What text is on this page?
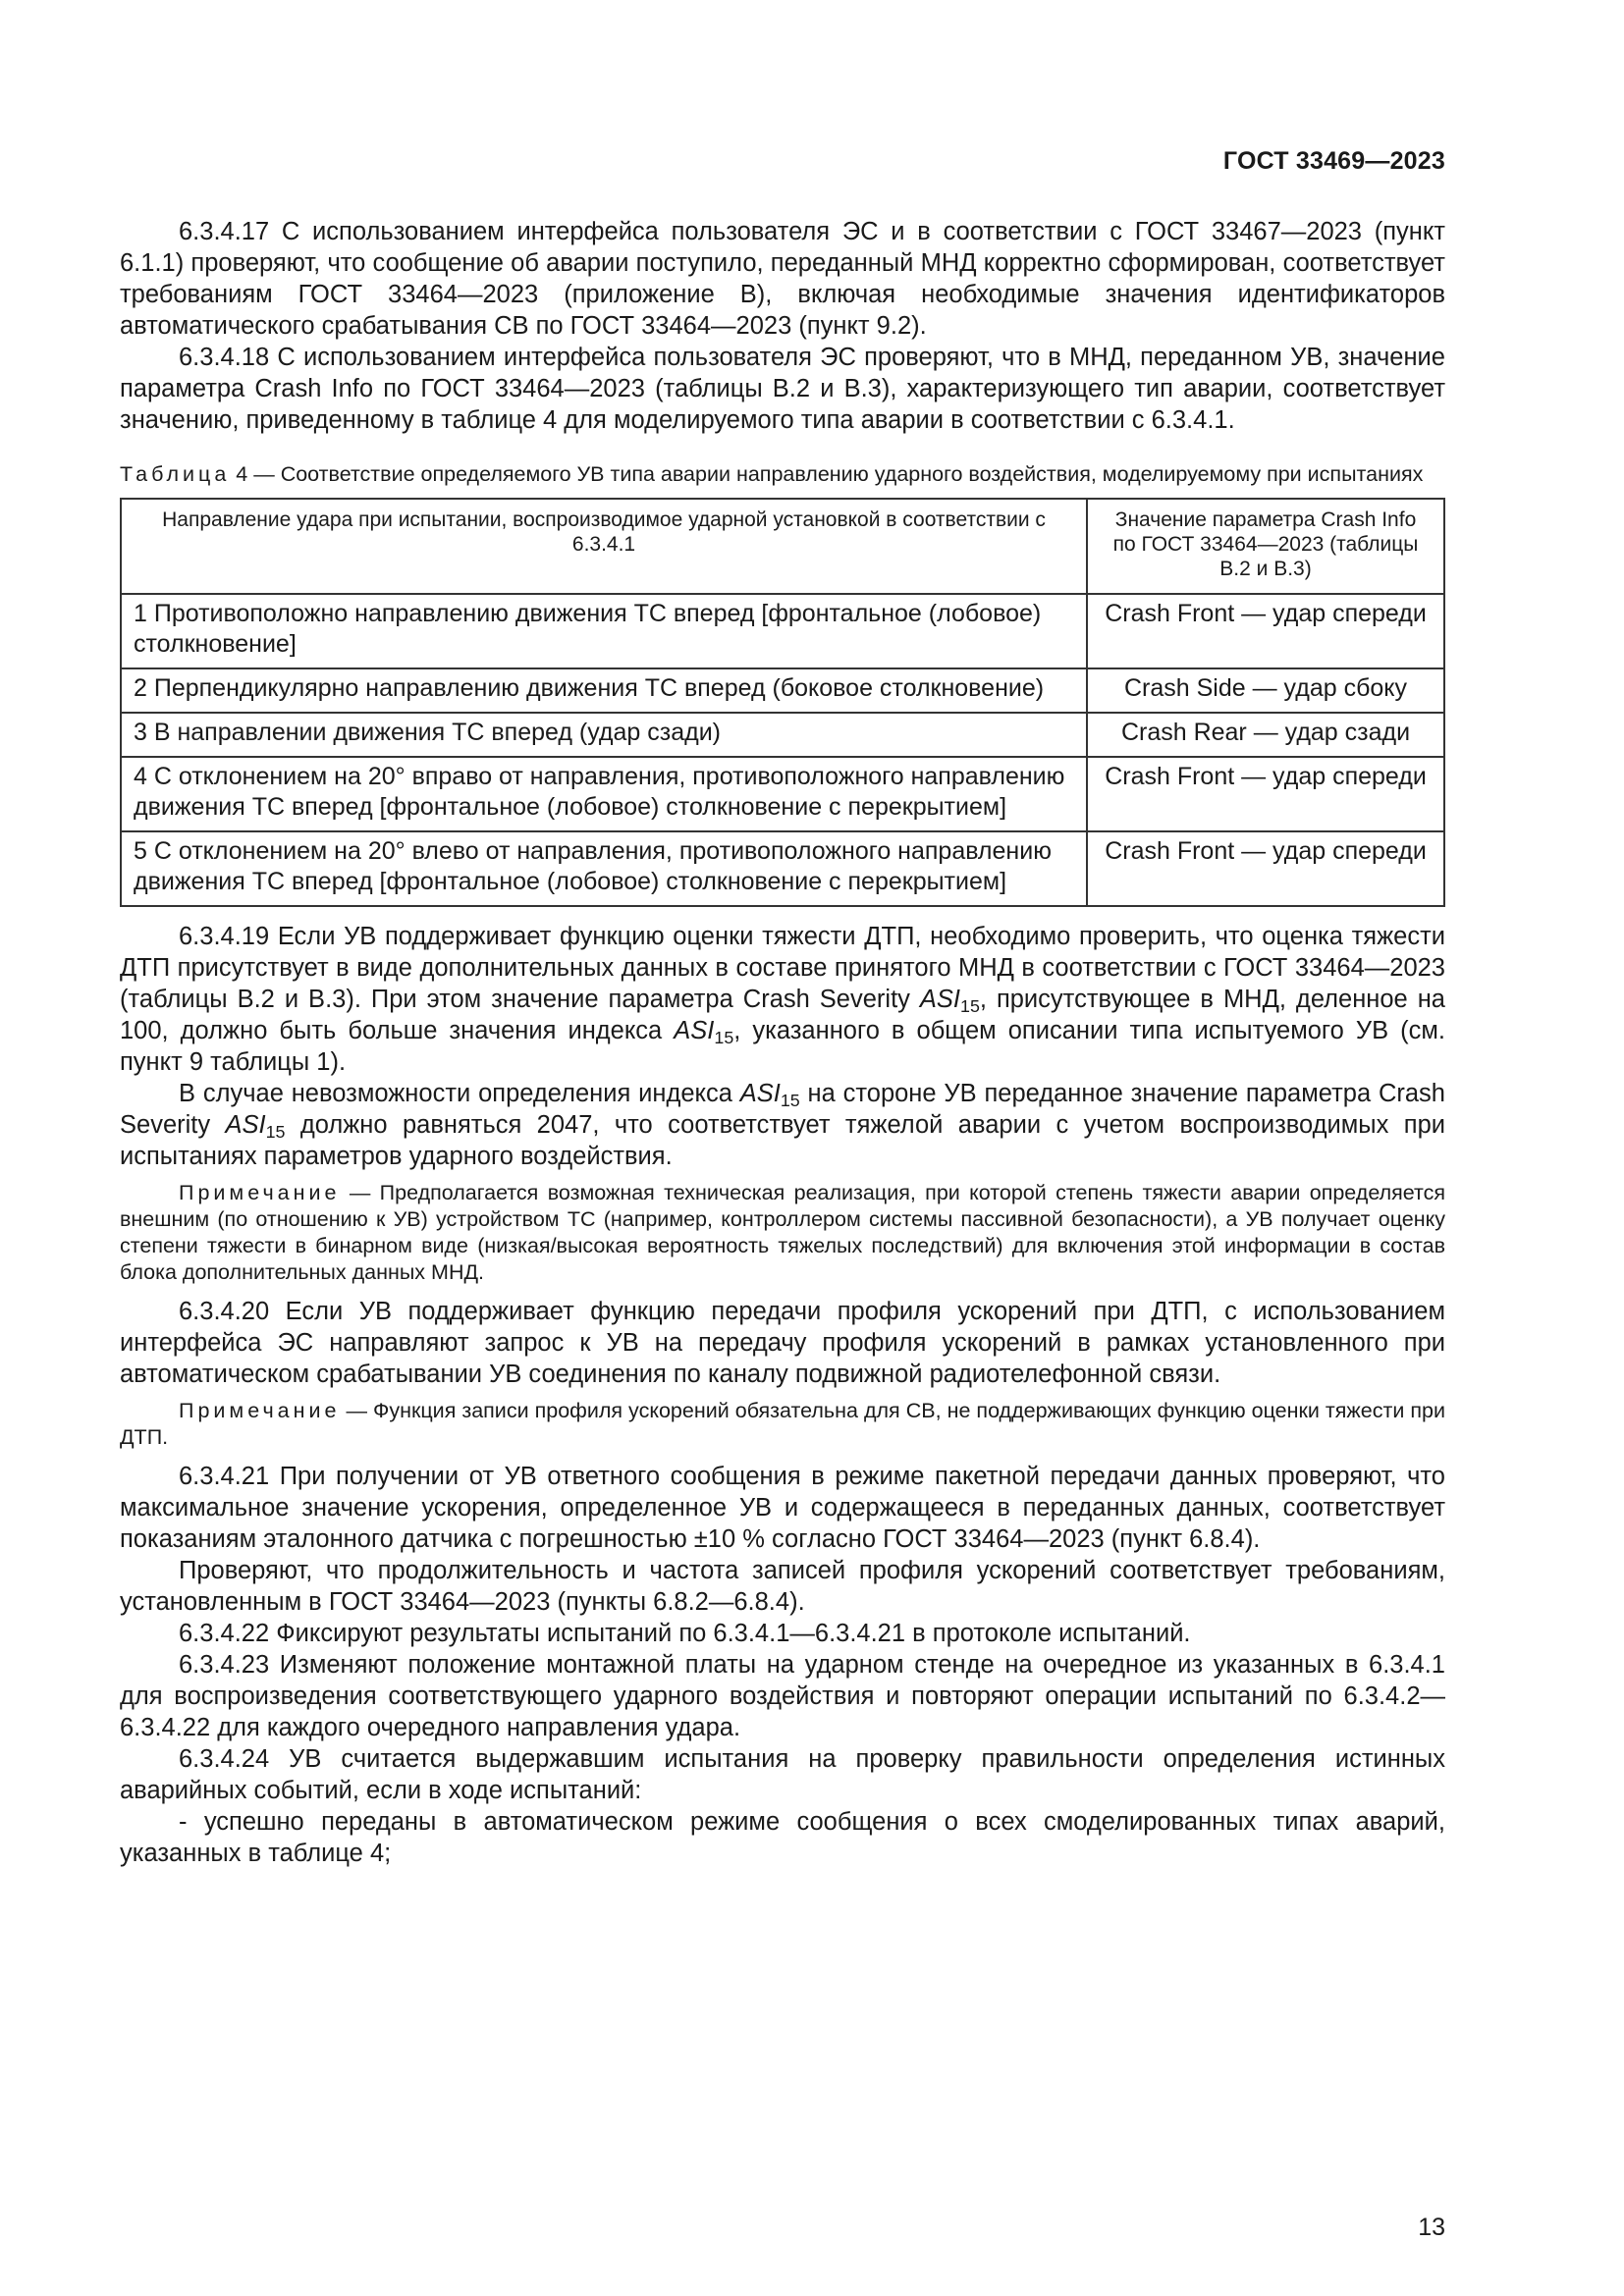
ГОСТ 33469—2023

6.3.4.17 С использованием интерфейса пользователя ЭС и в соответствии с ГОСТ 33467—2023 (пункт 6.1.1) проверяют, что сообщение об аварии поступило, переданный МНД корректно сформирован, соответствует требованиям ГОСТ 33464—2023 (приложение В), включая необходимые значения идентификаторов автоматического срабатывания СВ по ГОСТ 33464—2023 (пункт 9.2).

6.3.4.18 С использованием интерфейса пользователя ЭС проверяют, что в МНД, переданном УВ, значение параметра Crash Info по ГОСТ 33464—2023 (таблицы В.2 и В.3), характеризующего тип аварии, соответствует значению, приведенному в таблице 4 для моделируемого типа аварии в соответствии с 6.3.4.1.

Таблица 4 — Соответствие определяемого УВ типа аварии направлению ударного воздействия, моделируемому при испытаниях

Направление удара при испытании, воспроизводимое ударной установкой в соответствии с 6.3.4.1	Значение параметра Crash Info по ГОСТ 33464—2023 (таблицы В.2 и В.3)
1 Противоположно направлению движения ТС вперед [фронтальное (лобовое) столкновение]	Crash Front — удар спереди
2 Перпендикулярно направлению движения ТС вперед (боковое столкновение)	Crash Side — удар сбоку
3 В направлении движения ТС вперед (удар сзади)	Crash Rear — удар сзади
4 С отклонением на 20° вправо от направления, противоположного направлению движения ТС вперед [фронтальное (лобовое) столкновение с перекрытием]	Crash Front — удар спереди
5 С отклонением на 20° влево от направления, противоположного направлению движения ТС вперед [фронтальное (лобовое) столкновение с перекрытием]	Crash Front — удар спереди

6.3.4.19 Если УВ поддерживает функцию оценки тяжести ДТП, необходимо проверить, что оценка тяжести ДТП присутствует в виде дополнительных данных в составе принятого МНД в соответствии с ГОСТ 33464—2023 (таблицы В.2 и В.3). При этом значение параметра Crash Severity $ASI_{15}$, присутствующее в МНД, деленное на 100, должно быть больше значения индекса $ASI_{15}$, указанного в общем описании типа испытуемого УВ (см. пункт 9 таблицы 1).

В случае невозможности определения индекса $ASI_{15}$ на стороне УВ переданное значение параметра Crash Severity $ASI_{15}$ должно равняться 2047, что соответствует тяжелой аварии с учетом воспроизводимых при испытаниях параметров ударного воздействия.

Примечание — Предполагается возможная техническая реализация, при которой степень тяжести аварии определяется внешним (по отношению к УВ) устройством ТС (например, контроллером системы пассивной безопасности), а УВ получает оценку степени тяжести в бинарном виде (низкая/высокая вероятность тяжелых последствий) для включения этой информации в состав блока дополнительных данных МНД.

6.3.4.20 Если УВ поддерживает функцию передачи профиля ускорений при ДТП, с использованием интерфейса ЭС направляют запрос к УВ на передачу профиля ускорений в рамках установленного при автоматическом срабатывании УВ соединения по каналу подвижной радиотелефонной связи.

Примечание — Функция записи профиля ускорений обязательна для СВ, не поддерживающих функцию оценки тяжести при ДТП.

6.3.4.21 При получении от УВ ответного сообщения в режиме пакетной передачи данных проверяют, что максимальное значение ускорения, определенное УВ и содержащееся в переданных данных, соответствует показаниям эталонного датчика с погрешностью ±10 % согласно ГОСТ 33464—2023 (пункт 6.8.4).

Проверяют, что продолжительность и частота записей профиля ускорений соответствует требованиям, установленным в ГОСТ 33464—2023 (пункты 6.8.2—6.8.4).

6.3.4.22 Фиксируют результаты испытаний по 6.3.4.1—6.3.4.21 в протоколе испытаний.

6.3.4.23 Изменяют положение монтажной платы на ударном стенде на очередное из указанных в 6.3.4.1 для воспроизведения соответствующего ударного воздействия и повторяют операции испытаний по 6.3.4.2—6.3.4.22 для каждого очередного направления удара.

6.3.4.24 УВ считается выдержавшим испытания на проверку правильности определения истинных аварийных событий, если в ходе испытаний:

- успешно переданы в автоматическом режиме сообщения о всех смоделированных типах аварий, указанных в таблице 4;

13
